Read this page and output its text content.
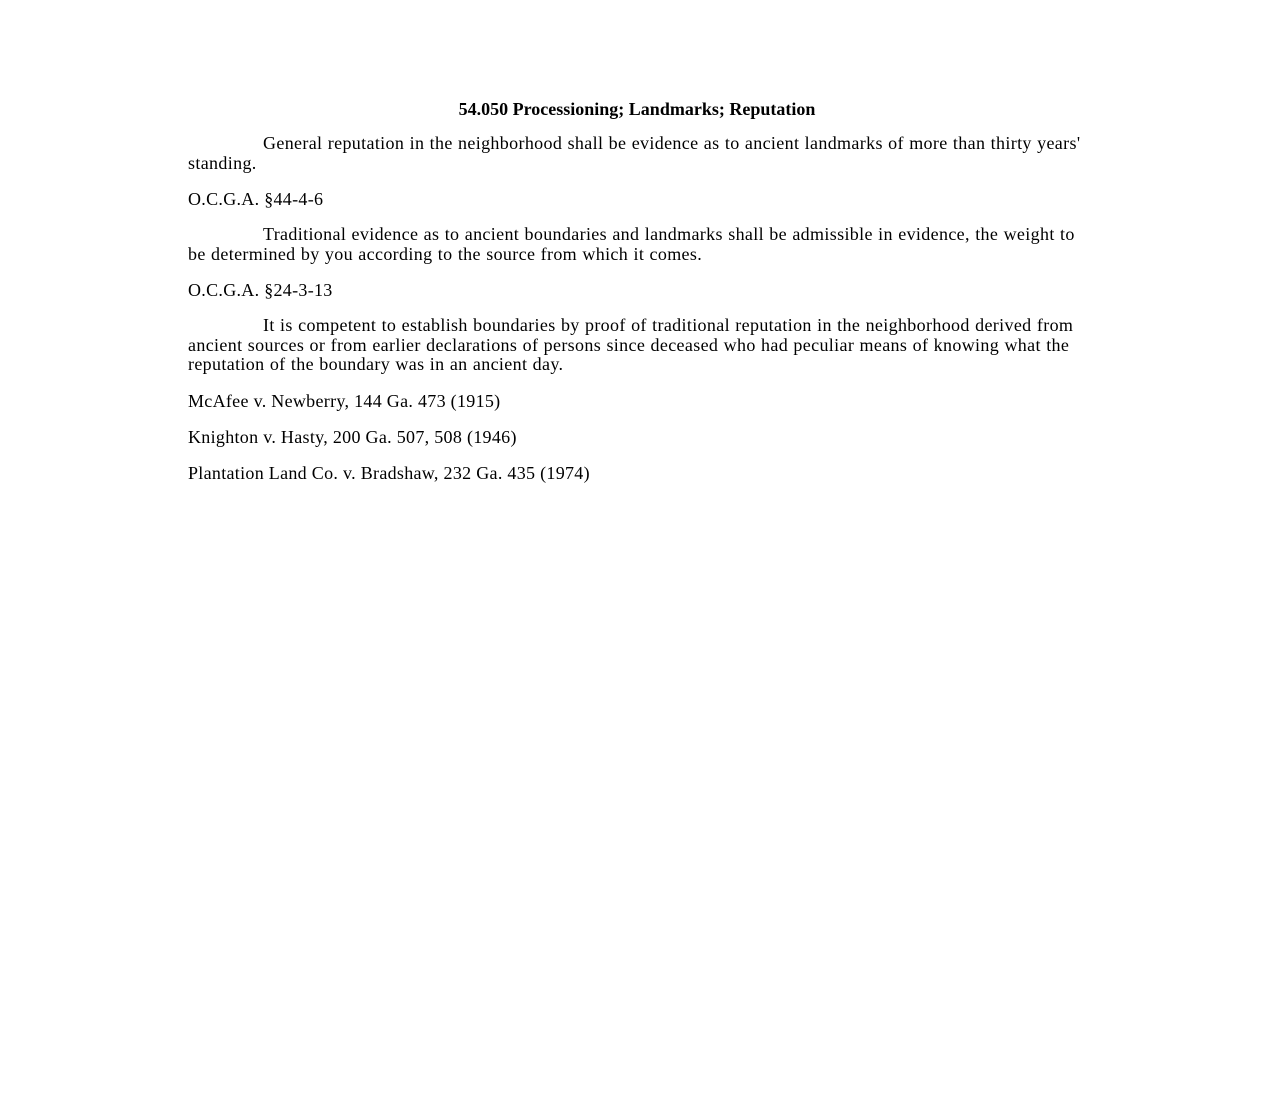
54.050 Processioning; Landmarks; Reputation

General reputation in the neighborhood shall be evidence as to ancient landmarks of more than thirty years' standing.

O.C.G.A. §44-4-6

Traditional evidence as to ancient boundaries and landmarks shall be admissible in evidence, the weight to be determined by you according to the source from which it comes.

O.C.G.A. §24-3-13

It is competent to establish boundaries by proof of traditional reputation in the neighborhood derived from ancient sources or from earlier declarations of persons since deceased who had peculiar means of knowing what the reputation of the boundary was in an ancient day.

McAfee v. Newberry, 144 Ga. 473 (1915)

Knighton v. Hasty, 200 Ga. 507, 508 (1946)

Plantation Land Co. v. Bradshaw, 232 Ga. 435 (1974)
